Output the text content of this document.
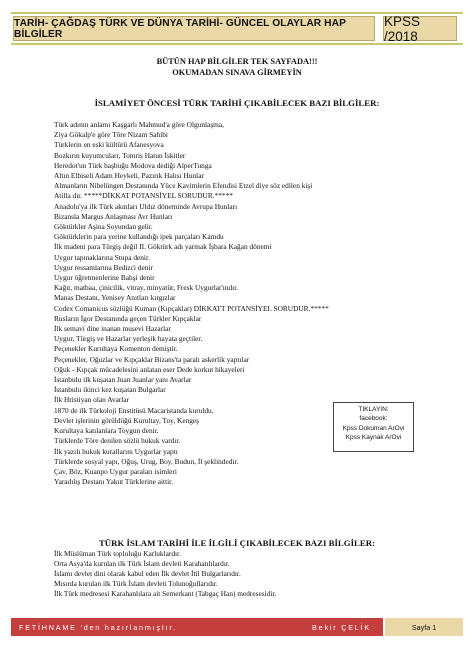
TARİH- ÇAĞDAŞ TÜRK VE DÜNYA TARİHİ- GÜNCEL OLAYLAR HAP BİLGİLER
KPSS /2018
BÜTÜN HAP BİLGİLER TEK SAYFADA!!!
OKUMADAN SINAVA GİRMEYİN
İSLAMİYET ÖNCESİ TÜRK TARİHİ ÇIKABİLECEK BAZI BİLGİLER:
Türk adının anlamı Kaşgarlı Mahmud'a göre Olgunlaşma,
Ziya Gökalp'e göre Töre Nizam Sahibi
Türklerin en eski kültürü Afanesyova
Bozkırın kuyumcuları, Tomris Hatun İskitler
Heredot'un Türk başbuğu Modova dediği AlperTunga
Altın Elbiseli Adam Heykeli, Pazırık Halısı Hunlar
Almanların Nibelüngen Destanında Yüce Kavimlerin Efendisi Etzel diye söz edilen kişi
Atilla dır. *****DİKKAT POTANSİYEL SORUDUR.*****
Anadolu'ya ilk Türk akınları Uldız döneminde Avrupa Hunları
Bizansla Margus Anlaşması Avr Hunları
Göktürkler Aşina Soyundan gelir.
Göktürklerin para yerine kullandığı ipek parçaları Kamdu
İlk madeni para Türgiş değil II. Göktürk adı yarmak İşbara Kağan dönemi
Uygur tapınaklarına Stupa denir.
Uygur ressamlarına Bedizci denir
Uygur öğretmenlerine Bahşi denir
Kağıt, matbaa, çinicilik, vitray, minyatür, Fresk Uygurlar'ındır.
Manas Destanı, Yenisey Anıtları kırgızlar
Codex Comanicus sözlüğü Kuman (Kıpçaklar) DİKKATT POTANSİYEL SORUDUR.*****
Rusların İgor Destanında geçen Türkler Kıpçaklar
İlk semavi dine inanan musevi Hazarlar
Uygur, Türgiş ve Hazarlar yerleşik hayata geçtiler.
Peçenekler Kurultaya Komenton demiştir.
Peçenekler, Oğuzlar ve Kıpçaklar Bizans'ta paralı askerlik yaptılar
Oğuk - Kıpçak mücadelesini anlatan eser Dede korkut hikayeleri
İstanbulu ilk kuşatan Juan Juanlar yanı Avarlar
İstanbulu ikinci kez kuşatan Bulgarlar
İlk Hristiyan olan Avarlar
1870 de ilk Türkoloji Enstitüsü Macaristanda kuruldu.
Devlet işlerinin görüldüğü Kurultay, Toy, Kengeş
Kurultaya katılanlara Toygun denir.
Türklerde Töre denilen sözlü hukuk vardır.
İlk yazılı hukuk kurallarını Uygurlar yaptı
Türklerde sosyal yapı, Oğuş, Urug, Boy, Budun, İl şeklindedir.
Çav, Böz, Kuanpo Uygur paraları isimleri
Yaradılış Destanı Yakut Türklerine aittir.
TIKLAYIN:
facebook:
Kpss Dokuman ArOvi
Kpss Kaynak ArOvi
TÜRK İSLAM TARİHİ İLE İLGİLİ ÇIKABİLECEK BAZI BİLGİLER:
İlk Müslüman Türk topluluğu Karluklardır.
Orta Asya'da kurulan ilk Türk İslam devleti Karahanlılardır.
İslamı devlet dini olarak kabul eden İlk devlet İtil Bulgarlarıdır.
Mısırda kurulan ilk Türk İslam devleti Tolunoğullarıdır.
İlk Türk medresesi Karahanlılara ait Semerkant (Tabgaç Han) medresesidir.
FETİHNAME 'den hazırlanmıştır.	Bekir ÇELİK	Sayfa 1
